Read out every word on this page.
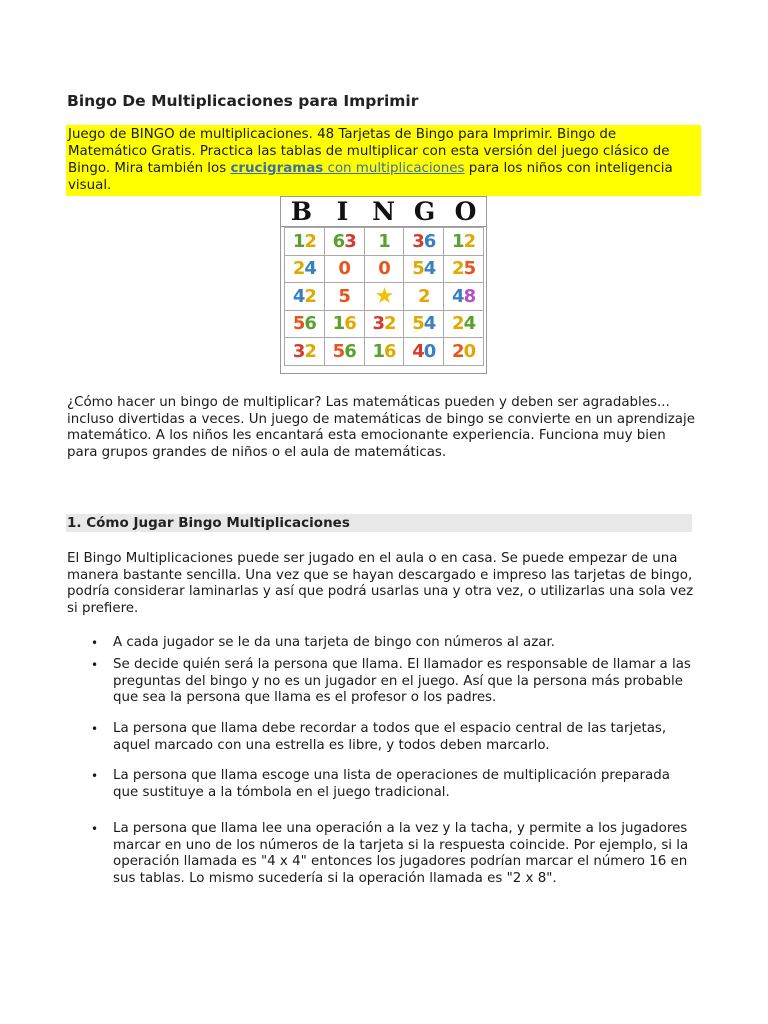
Bingo De Multiplicaciones para Imprimir

Juego de BINGO de multiplicaciones. 48 Tarjetas de Bingo para Imprimir. Bingo de Matemático Gratis. Practica las tablas de multiplicar con esta versión del juego clásico de Bingo. Mira también los crucigramas con multiplicaciones para los niños con inteligencia visual.

B I N G O
1 2 6 3 1 3 6 1 2
2 4 0 0 5 4 2 5
4 2 5	★	2 4 8
5 6 1 6 3 2 5 4 2 4
3 2 5 6 1 6 4 0 2 0

¿Cómo hacer un bingo de multiplicar? Las matemáticas pueden y deben ser agradables... incluso divertidas a veces. Un juego de matemáticas de bingo se convierte en un aprendizaje matemático. A los niños les encantará esta emocionante experiencia. Funciona muy bien para grupos grandes de niños o el aula de matemáticas.

1. Cómo Jugar Bingo Multiplicaciones

El Bingo Multiplicaciones puede ser jugado en el aula o en casa. Se puede empezar de una manera bastante sencilla. Una vez que se hayan descargado e impreso las tarjetas de bingo, podría considerar laminarlas y así que podrá usarlas una y otra vez, o utilizarlas una sola vez si prefiere.

• A cada jugador se le da una tarjeta de bingo con números al azar.
• Se decide quién será la persona que llama. El llamador es responsable de llamar a las preguntas del bingo y no es un jugador en el juego. Así que la persona más probable que sea la persona que llama es el profesor o los padres.
• La persona que llama debe recordar a todos que el espacio central de las tarjetas, aquel marcado con una estrella es libre, y todos deben marcarlo.
• La persona que llama escoge una lista de operaciones de multiplicación preparada que sustituye a la tómbola en el juego tradicional.
• La persona que llama lee una operación a la vez y la tacha, y permite a los jugadores marcar en uno de los números de la tarjeta si la respuesta coincide. Por ejemplo, si la operación llamada es "4 x 4" entonces los jugadores podrían marcar el número 16 en sus tablas. Lo mismo sucedería si la operación llamada es "2 x 8".
